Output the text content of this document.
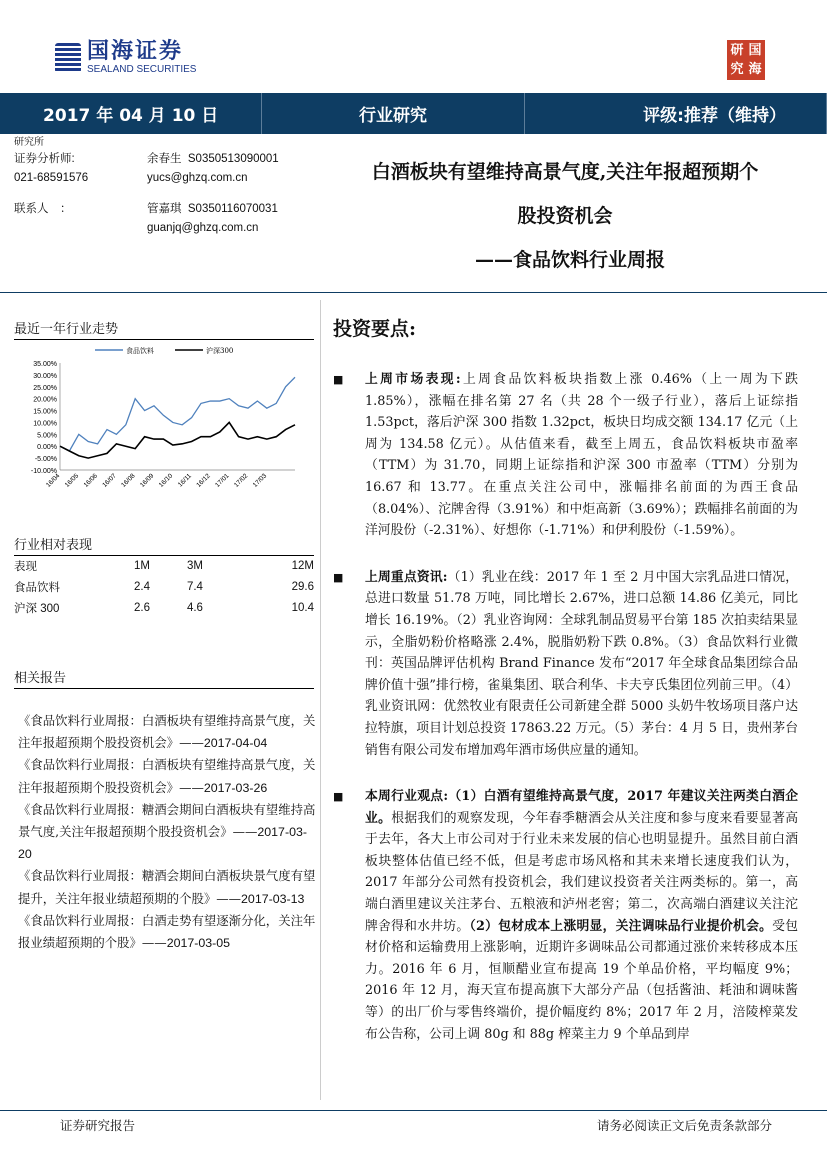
国海证券
SEALAND SECURITIES
研 国
究 海
2017 年 04 月 10 日	行业研究	评级:推荐（维持）
研究所
证券分析师:	余春生
S0350513090001
021-68591576	yucs@ghzq.com.cn
联系人　：	管嘉琪
S0350116070031
guanjq@ghzq.com.cn
白酒板块有望维持高景气度,关注年报超预期个
股投资机会
——食品饮料行业周报
最近一年行业走势
35.00%
30.00%
25.00%
20.00%
15.00%
10.00%
5.00%
0.00%
-5.00%
-10.00%
16/04 16/05 16/06 16/07 16/08 16/09 16/10 16/11 16/12 17/01 17/02 17/03
食品饮料	沪深300
行业相对表现
表现	1M	3M	12M
食品饮料	2.4	7.4	29.6
沪深 300	2.6	4.6	10.4
相关报告
《食品饮料行业周报：白酒板块有望维持高景气度，关注年报超预期个股投资机会》——2017-04-04
《食品饮料行业周报：白酒板块有望维持高景气度，关注年报超预期个股投资机会》——2017-03-26
《食品饮料行业周报：糖酒会期间白酒板块有望维持高景气度,关注年报超预期个股投资机会》——2017-03-20
《食品饮料行业周报：糖酒会期间白酒板块景气度有望提升，关注年报业绩超预期的个股》——2017-03-13
《食品饮料行业周报：白酒走势有望逐渐分化，关注年报业绩超预期的个股》——2017-03-05
投资要点:
■	上周市场表现:上周食品饮料板块指数上涨 0.46%（上一周为下跌 1.85%），涨幅在排名第 27 名（共 28 个一级子行业），落后上证综指 1.53pct，落后沪深 300 指数 1.32pct，板块日均成交额 134.17 亿元（上周为 134.58 亿元）。从估值来看，截至上周五，食品饮料板块市盈率（TTM）为 31.70，同期上证综指和沪深 300 市盈率（TTM）分别为 16.67 和 13.77。在重点关注公司中，涨幅排名前面的为西王食品（8.04%）、沱牌舍得（3.91%）和中炬高新（3.69%）；跌幅排名前面的为洋河股份（-2.31%）、好想你（-1.71%）和伊利股份（-1.59%）。

■	上周重点资讯:（1）乳业在线：2017 年 1 至 2 月中国大宗乳品进口情况，总进口数量 51.78 万吨，同比增长 2.67%，进口总额 14.86 亿美元，同比增长 16.19%。（2）乳业咨询网：全球乳制品贸易平台第 185 次拍卖结果显示，全脂奶粉价格略涨 2.4%，脱脂奶粉下跌 0.8%。（3）食品饮料行业微刊：英国品牌评估机构 Brand Finance 发布“2017 年全球食品集团综合品牌价值十强”排行榜，雀巢集团、联合利华、卡夫亨氏集团位列前三甲。（4）乳业资讯网：优然牧业有限责任公司新建全群 5000 头奶牛牧场项目落户达拉特旗，项目计划总投资 17863.22 万元。（5）茅台：4 月 5 日，贵州茅台销售有限公司发布增加鸡年酒市场供应量的通知。

■	本周行业观点:（1）白酒有望维持高景气度，2017 年建议关注两类白酒企业。根据我们的观察发现，今年春季糖酒会从关注度和参与度来看要显著高于去年，各大上市公司对于行业未来发展的信心也明显提升。虽然目前白酒板块整体估值已经不低，但是考虑市场风格和其未来增长速度我们认为，2017 年部分公司然有投资机会，我们建议投资者关注两类标的。第一，高端白酒里建议关注茅台、五粮液和泸州老窖；第二，次高端白酒建议关注沱牌舍得和水井坊。（2）包材成本上涨明显，关注调味品行业提价机会。受包材价格和运输费用上涨影响，近期许多调味品公司都通过涨价来转移成本压力。2016 年 6 月，恒顺醋业宣布提高 19 个单品价格，平均幅度 9%；2016 年 12 月，海天宣布提高旗下大部分产品（包括酱油、耗油和调味酱等）的出厂价与零售终端价，提价幅度约 8%；2017 年 2 月，涪陵榨菜发布公告称，公司上调 80g 和 88g 榨菜主力 9 个单品到岸

证券研究报告	请务必阅读正文后免责条款部分
